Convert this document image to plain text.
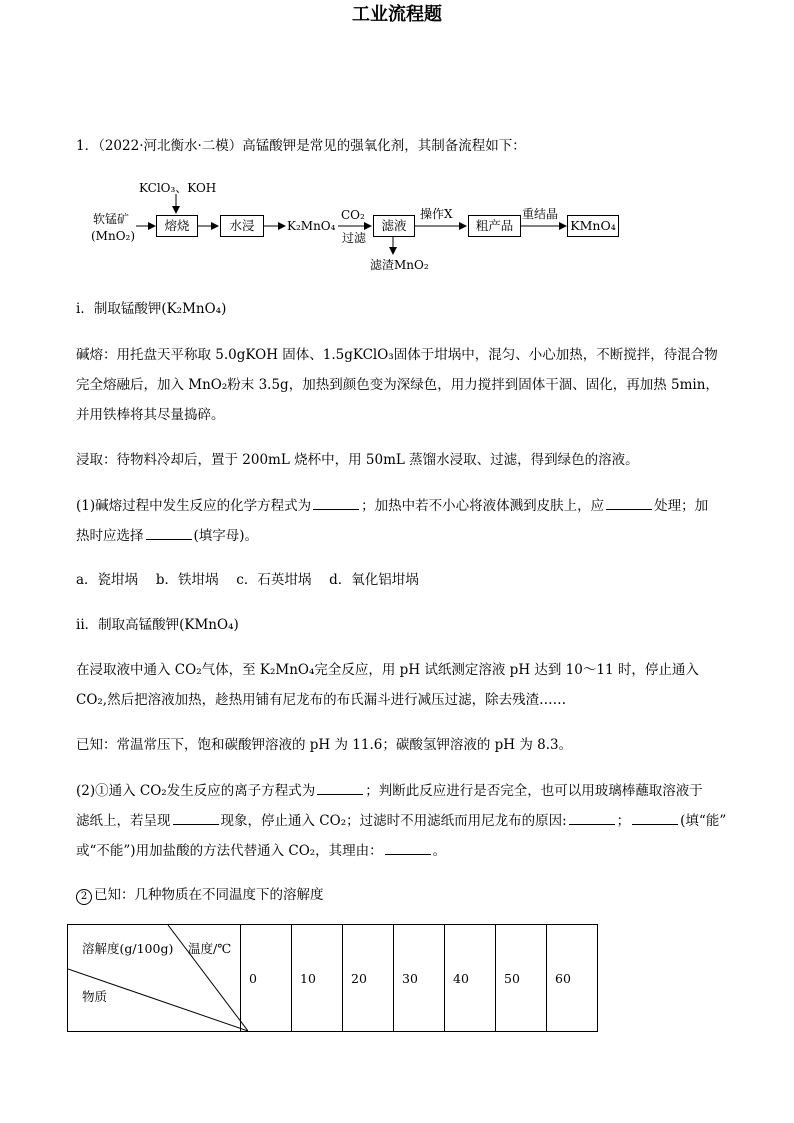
工业流程题
1．（2022·河北衡水·二模）高锰酸钾是常见的强氧化剂，其制备流程如下：
KClO₃、KOH
软锰矿
(MnO₂)
熔烧	水浸	K₂MnO₄
CO₂
过滤
滤液
操作X
粗产品
重结晶
KMnO₄
滤渣MnO₂
i．制取锰酸钾(K₂MnO₄)
碱熔：用托盘天平称取 5.0gKOH 固体、1.5gKClO₃固体于坩埚中，混匀、小心加热，不断搅拌，待混合物
完全熔融后，加入 MnO₂粉末 3.5g，加热到颜色变为深绿色，用力搅拌到固体干涸、固化，再加热 5min，
并用铁棒将其尽量捣碎。
浸取：待物料冷却后，置于 200mL 烧杯中，用 50mL 蒸馏水浸取、过滤，得到绿色的溶液。
(1)碱熔过程中发生反应的化学方程式为	；加热中若不小心将液体溅到皮肤上，应	处理；加
热时应选择	(填字母)。
a．瓷坩埚　 b．铁坩埚　 c．石英坩埚　 d．氧化铝坩埚
ii．制取高锰酸钾(KMnO₄)
在浸取液中通入 CO₂气体，至 K₂MnO₄完全反应，用 pH 试纸测定溶液 pH 达到 10～11 时，停止通入
CO₂,然后把溶液加热，趁热用铺有尼龙布的布氏漏斗进行减压过滤，除去残渣……
已知：常温常压下，饱和碳酸钾溶液的 pH 为 11.6；碳酸氢钾溶液的 pH 为 8.3。
(2)①通入 CO₂发生反应的离子方程式为	；判断此反应进行是否完全，也可以用玻璃棒蘸取溶液于
滤纸上，若呈现	现象，停止通入 CO₂；过滤时不用滤纸而用尼龙布的原因:	；	(填“能”
或“不能”)用加盐酸的方法代替通入 CO₂，其理由：	。
2 已知：几种物质在不同温度下的溶解度
溶解度(g/100g) 温度/℃
物质
	0	10	20	30	40	50	60
